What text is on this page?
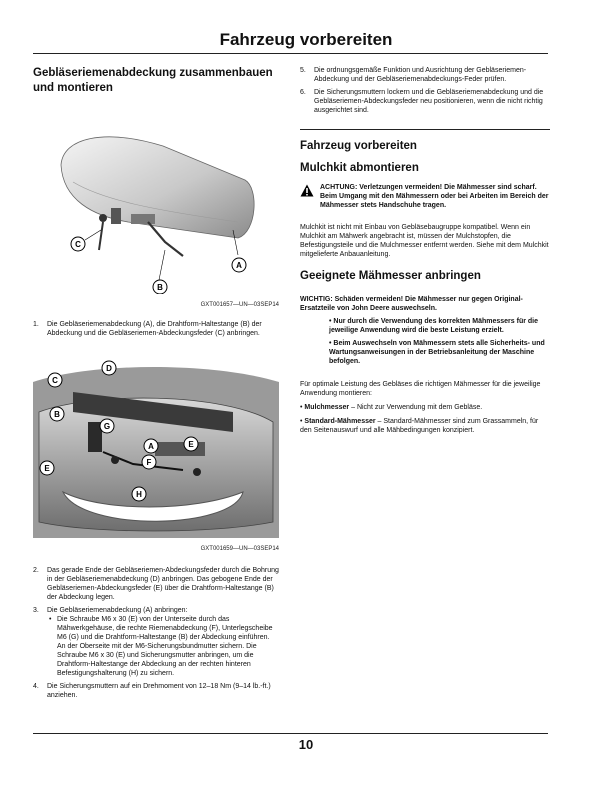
Fahrzeug vorbereiten
Gebläseriemenabdeckung zusammenbauen und montieren
A
B
C
GXT001657—UN—03SEP14
1. Die Gebläseriemenabdeckung (A), die Drahtform-Haltestange (B) der Abdeckung und die Gebläseriemen-Abdeckungsfeder (C) anbringen.
C
D
B
G
A	E
E
F
H
GXT001659—UN—03SEP14
2. Das gerade Ende der Gebläseriemen-Abdeckungsfeder durch die Bohrung in der Gebläseriemenabdeckung (D) anbringen. Das gebogene Ende der Gebläseriemen-Abdeckungsfeder (E) über die Drahtform-Haltestange (B) der Abdeckung legen.
3. Die Gebläseriemenabdeckung (A) anbringen:
• Die Schraube M6 x 30 (E) von der Unterseite durch das Mähwerkgehäuse, die rechte Riemenabdeckung (F), Unterlegscheibe M6 (G) und die Drahtform-Haltestange (B) der Abdeckung einführen. An der Oberseite mit der M6-Sicherungsbundmutter sichern. Die Schraube M6 x 30 (E) und Sicherungsmutter anbringen, um die Drahtform-Haltestange der Abdeckung an der rechten hinteren Befestigungshalterung (H) zu sichern.
4. Die Sicherungsmuttern auf ein Drehmoment von 12–18 Nm (9–14 lb.-ft.) anziehen.
5. Die ordnungsgemäße Funktion und Ausrichtung der Gebläseriemen-Abdeckung und der Gebläseriemenabdeckungs-Feder prüfen.
6. Die Sicherungsmuttern lockern und die Gebläseriemenabdeckung und die Gebläseriemen-Abdeckungsfeder neu positionieren, wenn die nicht richtig ausgerichtet sind.
Fahrzeug vorbereiten
Mulchkit abmontieren
ACHTUNG: Verletzungen vermeiden! Die Mähmesser sind scharf. Beim Umgang mit den Mähmessern oder bei Arbeiten im Bereich der Mähmesser stets Handschuhe tragen.

Mulchkit ist nicht mit Einbau von Gebläsebaugruppe kompatibel. Wenn ein Mulchkit am Mähwerk angebracht ist, müssen der Mulchstopfen, die Befestigungsteile und die Mulchmesser entfernt werden. Siehe mit dem Mulchkit mitgelieferte Anbauanleitung.

Geeignete Mähmesser anbringen

WICHTIG: Schäden vermeiden! Die Mähmesser nur gegen Original-Ersatzteile von John Deere auswechseln.

• Nur durch die Verwendung des korrekten Mähmessers für die jeweilige Anwendung wird die beste Leistung erzielt.

• Beim Auswechseln von Mähmessern stets alle Sicherheits- und Wartungsanweisungen in der Betriebsanleitung der Maschine befolgen.

Für optimale Leistung des Gebläses die richtigen Mähmesser für die jeweilige Anwendung montieren:

• Mulchmesser – Nicht zur Verwendung mit dem Gebläse.

• Standard-Mähmesser – Standard-Mähmesser sind zum Grassammeln, für den Seitenauswurf und alle Mähbedingungen konzipiert.

10
